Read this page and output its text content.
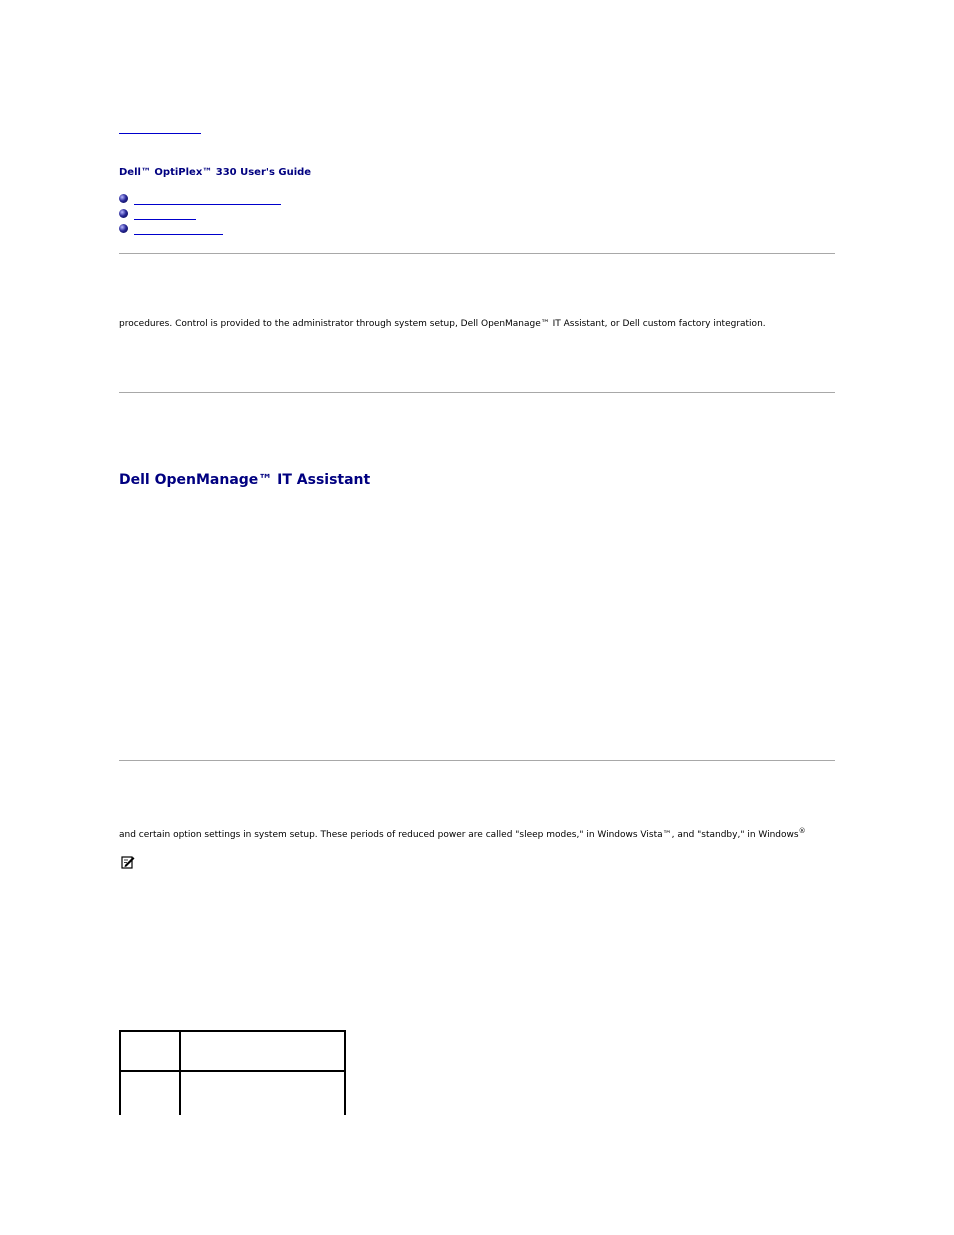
Dell™ OptiPlex™ 330 User's Guide
procedures. Control is provided to the administrator through system setup, Dell OpenManage™ IT Assistant, or Dell custom factory integration.
Dell OpenManage™ IT Assistant
and certain option settings in system setup. These periods of reduced power are called "sleep modes," in Windows Vista™, and "standby," in Windows®
